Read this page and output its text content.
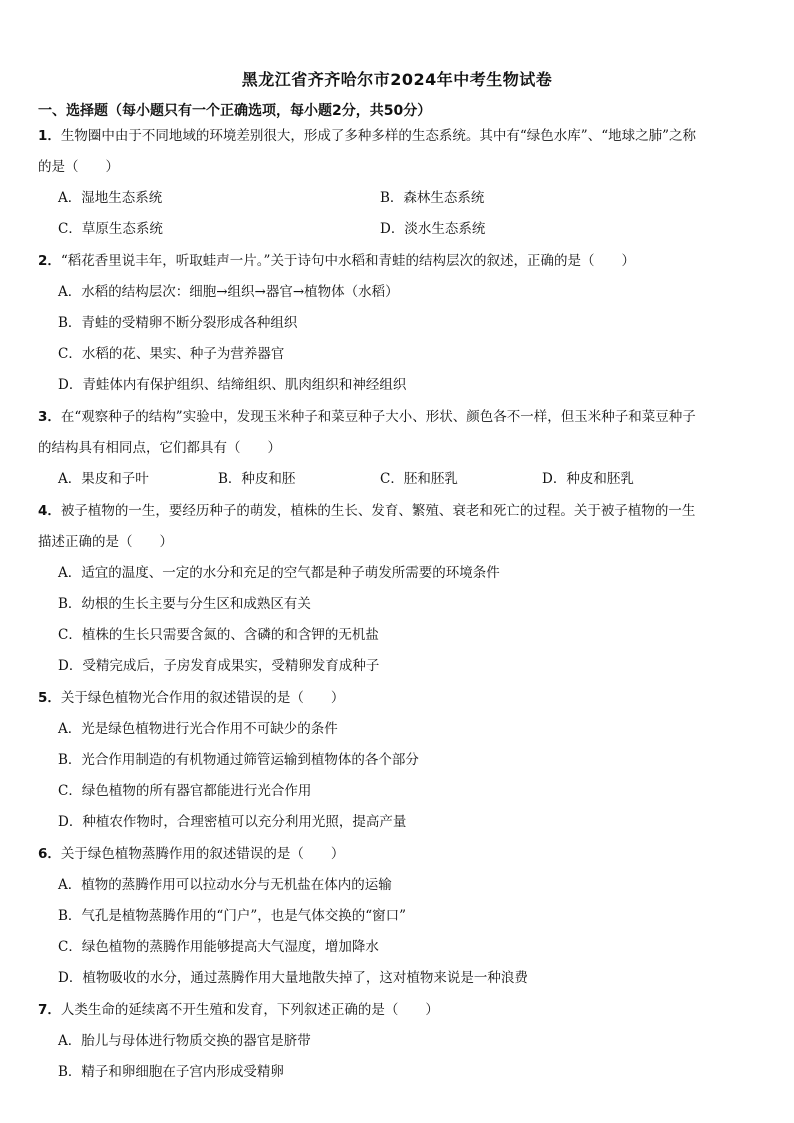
黑龙江省齐齐哈尔市2024年中考生物试卷
一、选择题（每小题只有一个正确选项，每小题2分，共50分）
1．生物圈中由于不同地域的环境差别很大，形成了多种多样的生态系统。其中有“绿色水库”、“地球之肺”之称
的是（　　）
A．湿地生态系统	B．森林生态系统
C．草原生态系统	D．淡水生态系统
2．“稻花香里说丰年，听取蛙声一片。”关于诗句中水稻和青蛙的结构层次的叙述，正确的是（　　）
A．水稻的结构层次：细胞→组织→器官→植物体（水稻）
B．青蛙的受精卵不断分裂形成各种组织
C．水稻的花、果实、种子为营养器官
D．青蛙体内有保护组织、结缔组织、肌肉组织和神经组织
3．在“观察种子的结构”实验中，发现玉米种子和菜豆种子大小、形状、颜色各不一样，但玉米种子和菜豆种子
的结构具有相同点，它们都具有（　　）
A．果皮和子叶	B．种皮和胚	C．胚和胚乳	D．种皮和胚乳
4．被子植物的一生，要经历种子的萌发，植株的生长、发育、繁殖、衰老和死亡的过程。关于被子植物的一生
描述正确的是（　　）
A．适宜的温度、一定的水分和充足的空气都是种子萌发所需要的环境条件
B．幼根的生长主要与分生区和成熟区有关
C．植株的生长只需要含氮的、含磷的和含钾的无机盐
D．受精完成后，子房发育成果实，受精卵发育成种子
5．关于绿色植物光合作用的叙述错误的是（　　）
A．光是绿色植物进行光合作用不可缺少的条件
B．光合作用制造的有机物通过筛管运输到植物体的各个部分
C．绿色植物的所有器官都能进行光合作用
D．种植农作物时，合理密植可以充分利用光照，提高产量
6．关于绿色植物蒸腾作用的叙述错误的是（　　）
A．植物的蒸腾作用可以拉动水分与无机盐在体内的运输
B．气孔是植物蒸腾作用的“门户”，也是气体交换的“窗口”
C．绿色植物的蒸腾作用能够提高大气湿度，增加降水
D．植物吸收的水分，通过蒸腾作用大量地散失掉了，这对植物来说是一种浪费
7．人类生命的延续离不开生殖和发育，下列叙述正确的是（　　）
A．胎儿与母体进行物质交换的器官是脐带
B．精子和卵细胞在子宫内形成受精卵
